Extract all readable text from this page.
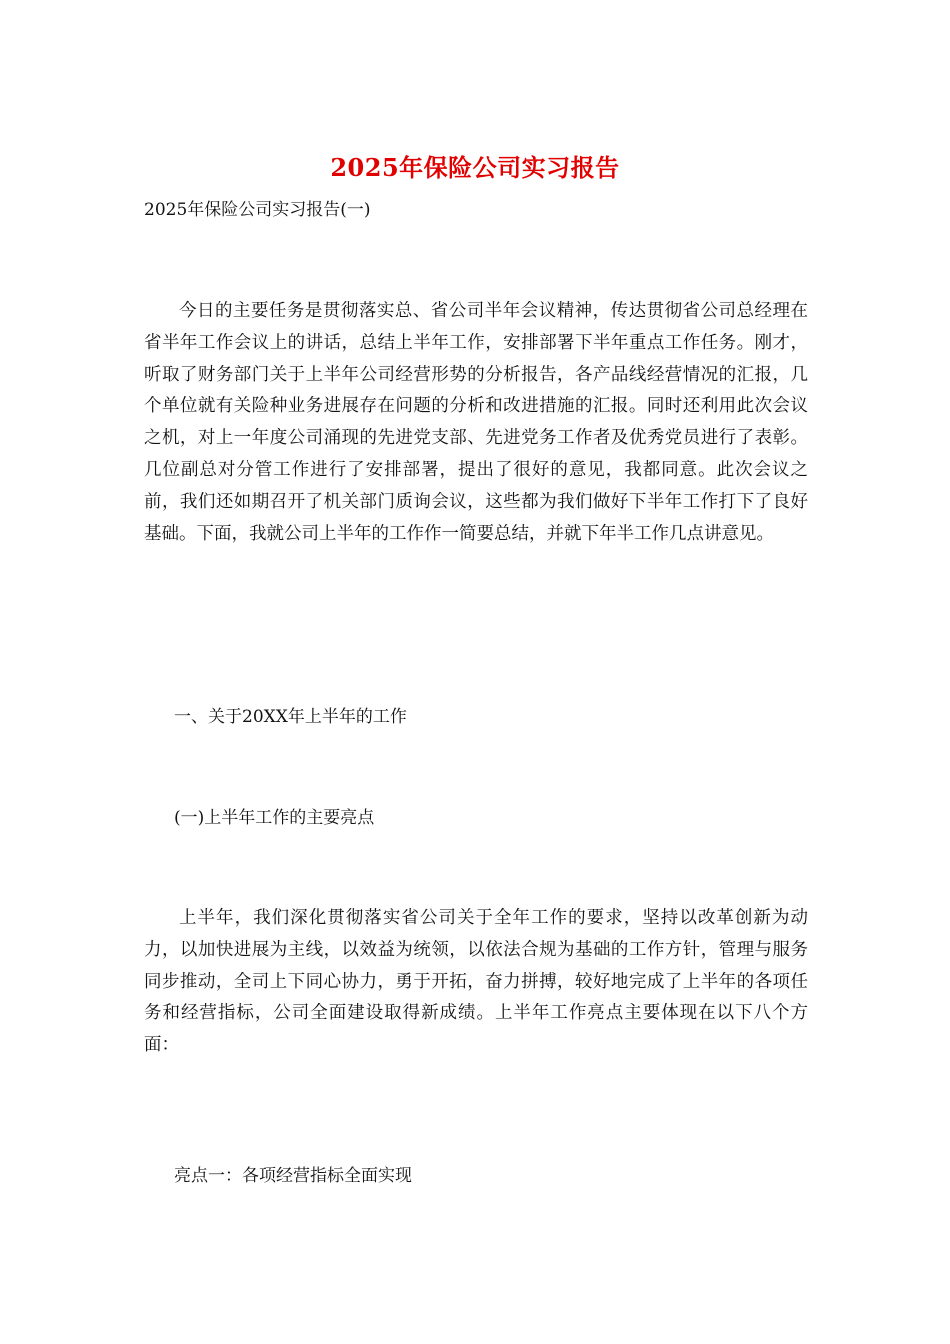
2025年保险公司实习报告
2025年保险公司实习报告(一)
今日的主要任务是贯彻落实总、省公司半年会议精神，传达贯彻省公司总经理在省半年工作会议上的讲话，总结上半年工作，安排部署下半年重点工作任务。刚才，听取了财务部门关于上半年公司经营形势的分析报告，各产品线经营情况的汇报，几个单位就有关险种业务进展存在问题的分析和改进措施的汇报。同时还利用此次会议之机，对上一年度公司涌现的先进党支部、先进党务工作者及优秀党员进行了表彰。几位副总对分管工作进行了安排部署，提出了很好的意见，我都同意。此次会议之前，我们还如期召开了机关部门质询会议，这些都为我们做好下半年工作打下了良好基础。下面，我就公司上半年的工作作一简要总结，并就下年半工作几点讲意见。
一、关于20XX年上半年的工作
(一)上半年工作的主要亮点
上半年，我们深化贯彻落实省公司关于全年工作的要求，坚持以改革创新为动力，以加快进展为主线，以效益为统领，以依法合规为基础的工作方针，管理与服务同步推动，全司上下同心协力，勇于开拓，奋力拼搏，较好地完成了上半年的各项任务和经营指标，公司全面建设取得新成绩。上半年工作亮点主要体现在以下八个方面：
亮点一：各项经营指标全面实现
